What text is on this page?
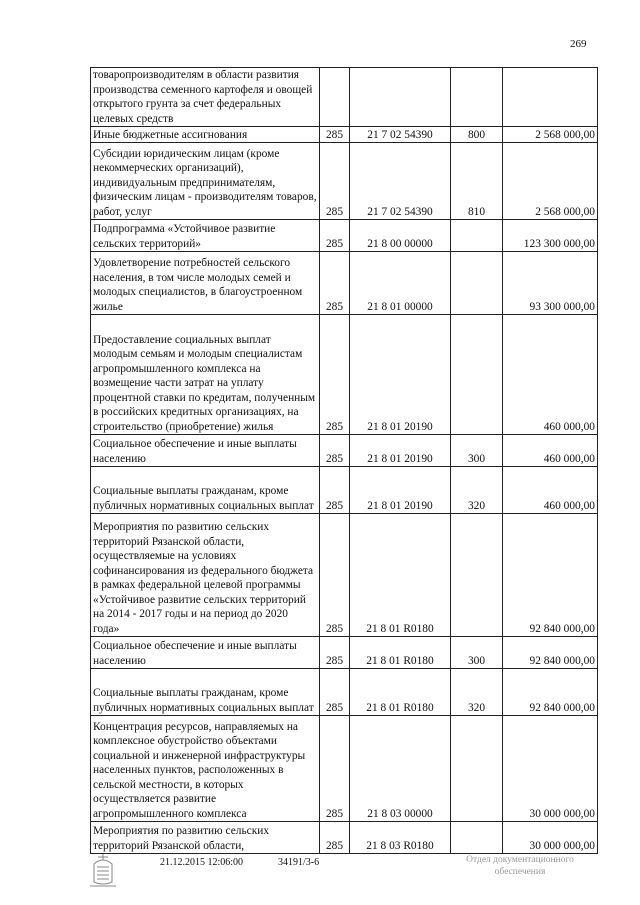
269
товаропроизводителям в области развития производства семенного картофеля и овощей открытого грунта за счет федеральных целевых средств				
Иные бюджетные ассигнования	285	21 7 02 54390	800	2 568 000,00
Субсидии юридическим лицам (кроме некоммерческих организаций), индивидуальным предпринимателям, физическим лицам - производителям товаров, работ, услуг	285	21 7 02 54390	810	2 568 000,00
Подпрограмма «Устойчивое развитие сельских территорий»	285	21 8 00 00000		123 300 000,00
Удовлетворение потребностей сельского населения, в том числе молодых семей и молодых специалистов, в благоустроенном жилье	285	21 8 01 00000		93 300 000,00
Предоставление социальных выплат молодым семьям и молодым специалистам агропромышленного комплекса на возмещение части затрат на уплату процентной ставки по кредитам, полученным в российских кредитных организациях, на строительство (приобретение) жилья	285	21 8 01 20190		460 000,00
Социальное обеспечение и иные выплаты населению	285	21 8 01 20190	300	460 000,00
Социальные выплаты гражданам, кроме публичных нормативных социальных выплат	285	21 8 01 20190	320	460 000,00
Мероприятия по развитию сельских территорий Рязанской области, осуществляемые на условиях софинансирования из федерального бюджета в рамках федеральной целевой программы «Устойчивое развитие сельских территорий на 2014 - 2017 годы и на период до 2020 года»	285	21 8 01 R0180		92 840 000,00
Социальное обеспечение и иные выплаты населению	285	21 8 01 R0180	300	92 840 000,00
Социальные выплаты гражданам, кроме публичных нормативных социальных выплат	285	21 8 01 R0180	320	92 840 000,00
Концентрация ресурсов, направляемых на комплексное обустройство объектами социальной и инженерной инфраструктуры населенных пунктов, расположенных в сельской местности, в которых осуществляется развитие агропромышленного комплекса	285	21 8 03 00000		30 000 000,00
Мероприятия по развитию сельских территорий Рязанской области,	285	21 8 03 R0180		30 000 000,00
21.12.2015 12:06:00	34191/3-6	Отдел документационного
обеспечения
